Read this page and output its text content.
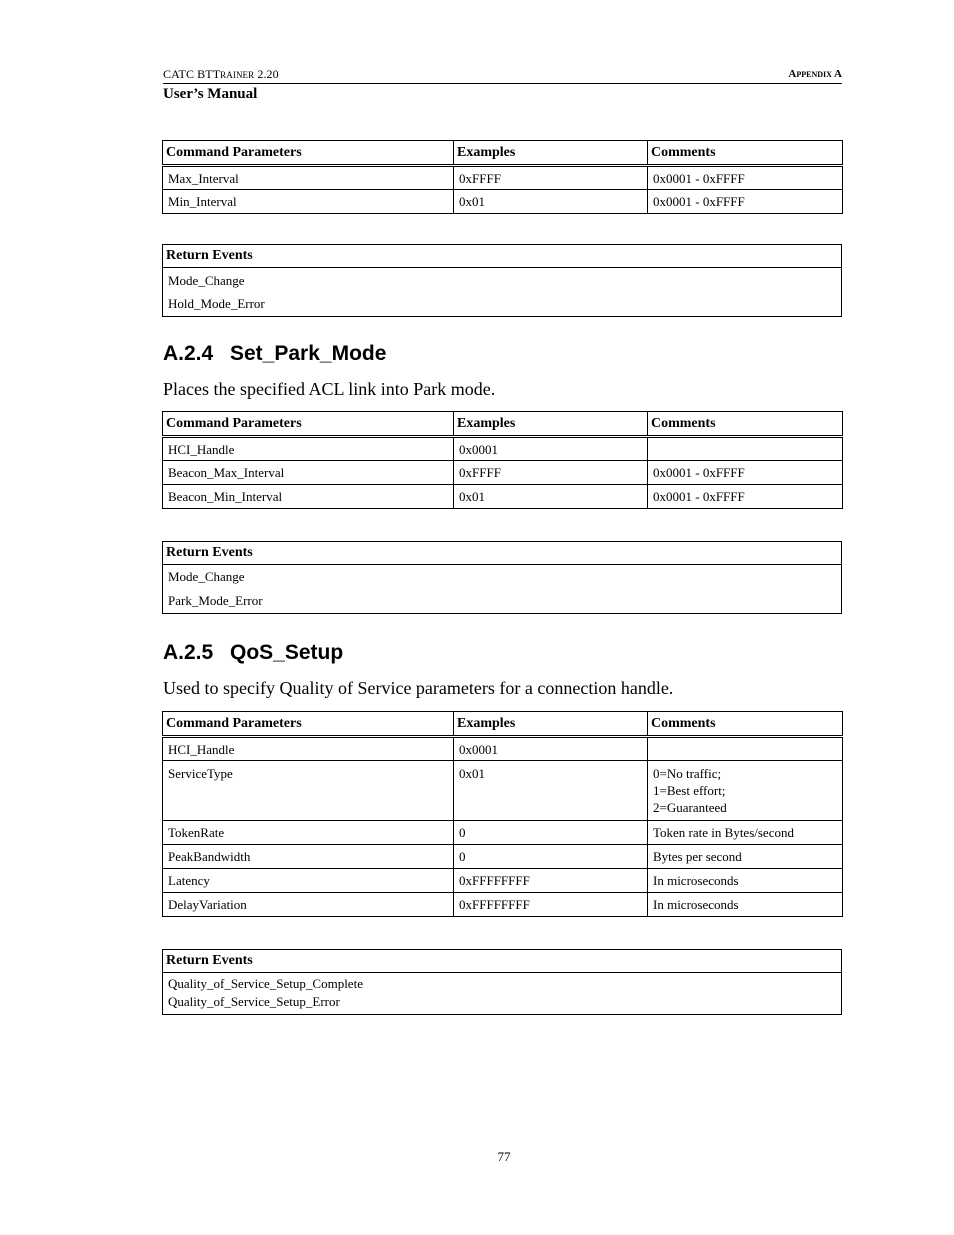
CATC BTTRAINER 2.20	Appendix A
User’s Manual
Command Parameters	Examples	Comments
Max_Interval	0xFFFF	0x0001 - 0xFFFF
Min_Interval	0x01	0x0001 - 0xFFFF
Return Events

Mode_Change
Hold_Mode_Error
A.2.4 Set_Park_Mode

Places the specified ACL link into Park mode.

Command Parameters	Examples	Comments
HCI_Handle	0x0001	
Beacon_Max_Interval	0xFFFF	0x0001 - 0xFFFF
Beacon_Min_Interval	0x01	0x0001 - 0xFFFF
Return Events

Mode_Change
Park_Mode_Error
A.2.5 QoS_Setup

Used to specify Quality of Service parameters for a connection handle.

Command Parameters	Examples	Comments
HCI_Handle	0x0001	
ServiceType	0x01	0=No traffic;
1=Best effort;
2=Guaranteed

TokenRate	0	Token rate in Bytes/second
PeakBandwidth	0	Bytes per second
Latency	0xFFFFFFFF	In microseconds
DelayVariation	0xFFFFFFFF	In microseconds
Return Events

Quality_of_Service_Setup_Complete
Quality_of_Service_Setup_Error
77
